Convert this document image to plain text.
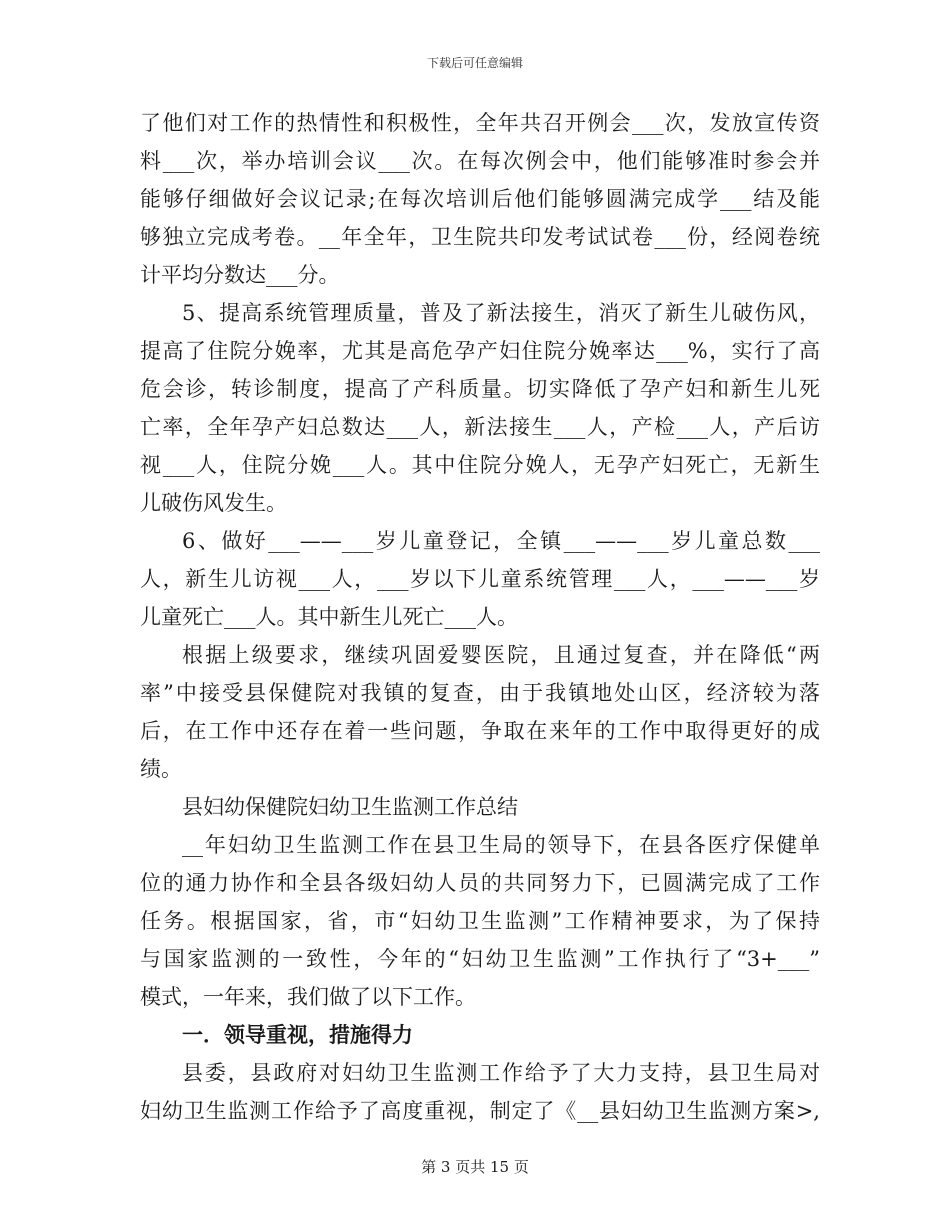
下载后可任意编辑
了他们对工作的热情性和积极性，全年共召开例会___次，发放宣传资
料___次，举办培训会议___次。在每次例会中，他们能够准时参会并
能够仔细做好会议记录;在每次培训后他们能够圆满完成学___结及能
够独立完成考卷。__年全年，卫生院共印发考试试卷___份，经阅卷统
计平均分数达___分。
5、提高系统管理质量，普及了新法接生，消灭了新生儿破伤风，
提高了住院分娩率，尤其是高危孕产妇住院分娩率达___%，实行了高
危会诊，转诊制度，提高了产科质量。切实降低了孕产妇和新生儿死
亡率，全年孕产妇总数达___人，新法接生___人，产检___人，产后访
视___人，住院分娩___人。其中住院分娩人，无孕产妇死亡，无新生
儿破伤风发生。
6、做好___——___岁儿童登记，全镇___——___岁儿童总数___
人，新生儿访视___人，___岁以下儿童系统管理___人，___——___岁
儿童死亡___人。其中新生儿死亡___人。
根据上级要求，继续巩固爱婴医院，且通过复查，并在降低“两
率”中接受县保健院对我镇的复查，由于我镇地处山区，经济较为落
后，在工作中还存在着一些问题，争取在来年的工作中取得更好的成
绩。
县妇幼保健院妇幼卫生监测工作总结
__年妇幼卫生监测工作在县卫生局的领导下，在县各医疗保健单
位的通力协作和全县各级妇幼人员的共同努力下，已圆满完成了工作
任务。根据国家，省，市“妇幼卫生监测”工作精神要求，为了保持
与国家监测的一致性，今年的“妇幼卫生监测”工作执行了“3+___”
模式，一年来，我们做了以下工作。
一．领导重视，措施得力
县委，县政府对妇幼卫生监测工作给予了大力支持，县卫生局对
妇幼卫生监测工作给予了高度重视，制定了《__县妇幼卫生监测方案>,
第 3 页共 15 页
